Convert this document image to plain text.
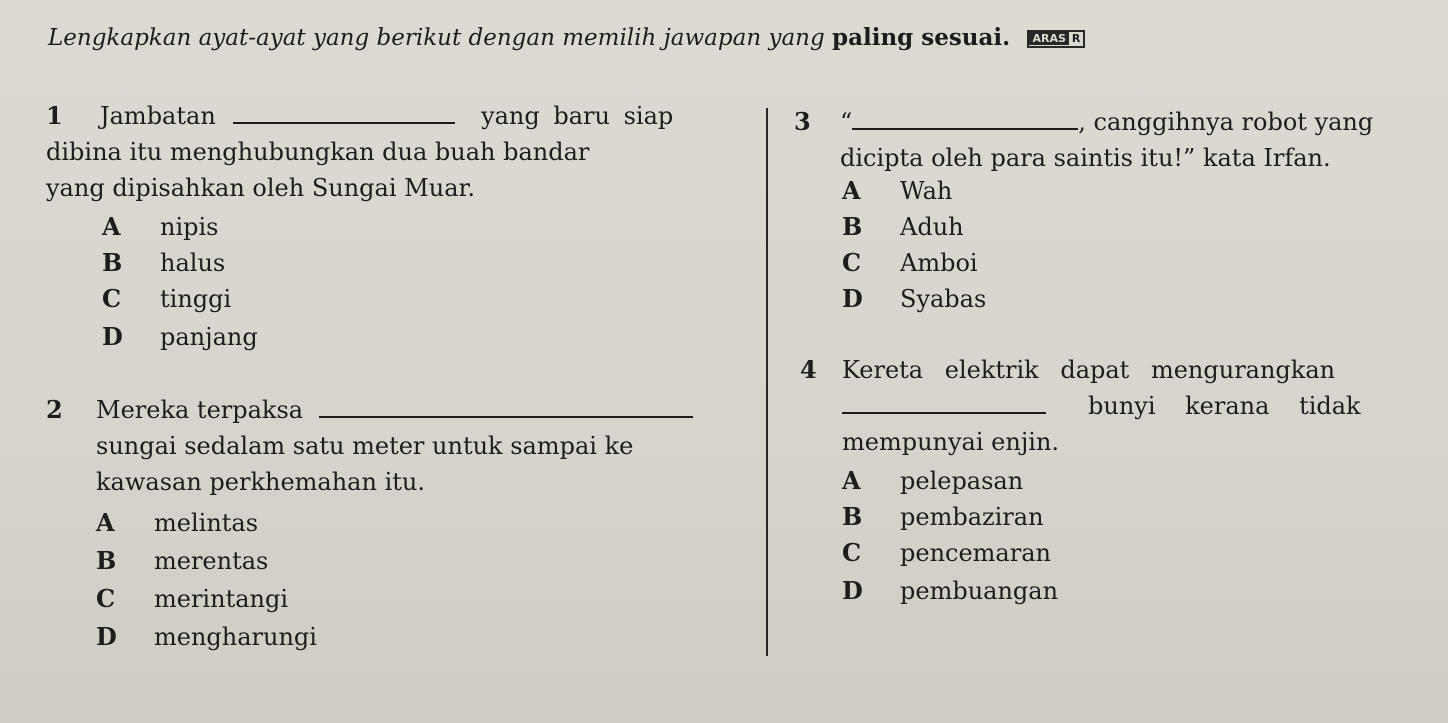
Lengkapkan ayat-ayat yang berikut dengan memilih jawapan yang paling sesuai. ARAS R
1	Jambatan	yang baru siap
dibina itu menghubungkan dua buah bandar
yang dipisahkan oleh Sungai Muar.
A nipis
B halus
C tinggi
D panjang
2	Mereka terpaksa
sungai sedalam satu meter untuk sampai ke
kawasan perkhemahan itu.
A melintas
B merentas
C merintangi
D mengharungi
3	“	, canggihnya robot yang
dicipta oleh para saintis itu!” kata Irfan.
A Wah
B Aduh
C Amboi
D Syabas
4	Kereta elektrik dapat mengurangkan
bunyi kerana tidak
mempunyai enjin.
A pelepasan
B pembaziran
C pencemaran
D pembuangan
